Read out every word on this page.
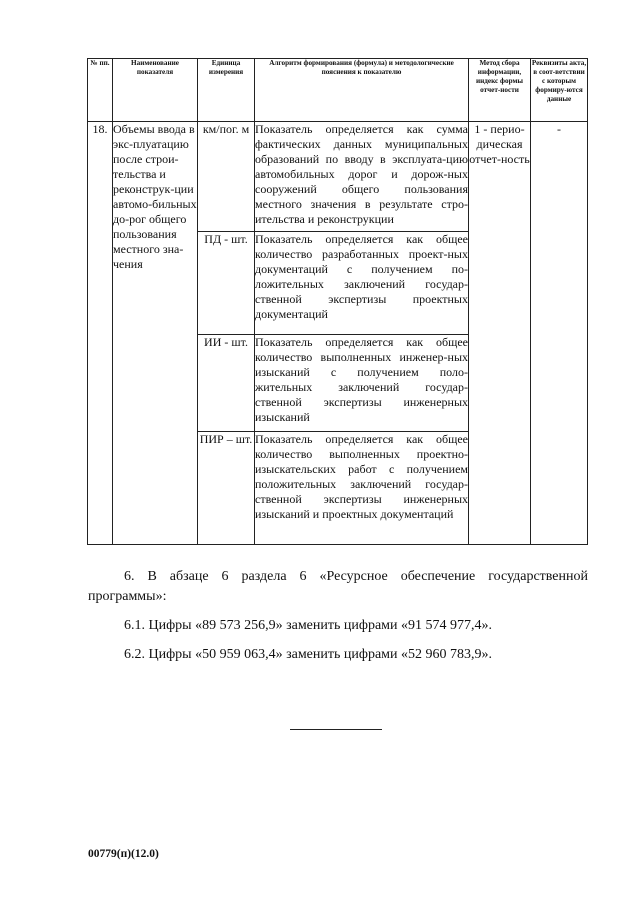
№ пп.	Наименование показателя	Единица измерения	Алгоритм формирования (формула) и методологические пояснения к показателю	Метод сбора информации, индекс формы отчет-ности	Реквизиты акта, в соот-ветствии с которым формиру-ются данные
18.	Объемы ввода в экс-плуатацию после строи-тельства и реконструк-ции автомо-бильных до-рог общего пользования местного зна-чения	км/пог. м	Показатель определяется как сумма фактических данных муниципальных образований по вводу в эксплуата-цию автомобильных дорог и дорож-ных сооружений общего пользования местного значения в результате стро-ительства и реконструкции	1 - перио-дическая отчет-ность	-
		ПД - шт.	Показатель определяется как общее количество разработанных проект-ных документаций с получением по-ложительных заключений государ-ственной экспертизы проектных документаций		
		ИИ - шт.	Показатель определяется как общее количество выполненных инженер-ных изысканий с получением поло-жительных заключений государ-ственной экспертизы инженерных изысканий		
		ПИР – шт.	Показатель определяется как общее количество выполненных проектно-изыскательских работ с получением положительных заключений государ-ственной экспертизы инженерных изысканий и проектных документаций		
6. В абзаце 6 раздела 6 «Ресурсное обеспечение государственной программы»:
6.1. Цифры «89 573 256,9» заменить цифрами «91 574 977,4».
6.2. Цифры «50 959 063,4» заменить цифрами «52 960 783,9».
00779(п)(12.0)
